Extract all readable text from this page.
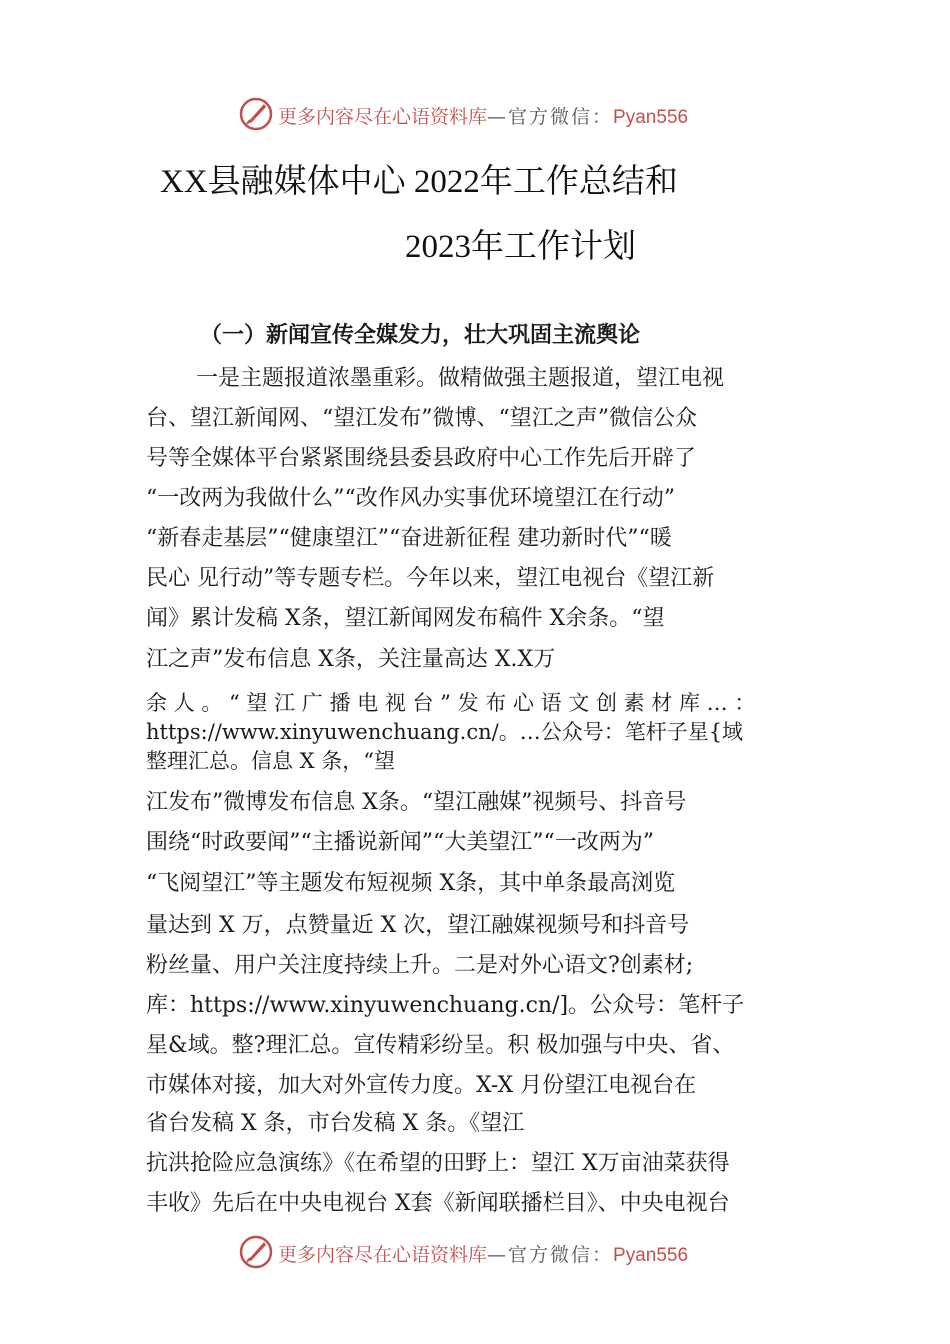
更多内容尽在心语资料库—官方微信：Pyan556
XX县融媒体中心 2022年工作总结和
2023年工作计划
（一）新闻宣传全媒发力，壮大巩固主流舆论
一是主题报道浓墨重彩。做精做强主题报道，望江电视
台、望江新闻网、“望江发布”微博、“望江之声”微信公众
号等全媒体平台紧紧围绕县委县政府中心工作先后开辟了
“一改两为我做什么”“改作风办实事优环境望江在行动”
“新春走基层”“健康望江”“奋进新征程 建功新时代”“暖
民心 见行动”等专题专栏。今年以来，望江电视台《望江新
闻》累计发稿 X条，望江新闻网发布稿件 X余条。“望
江之声”发布信息 X条，关注量高达 X.X万
余 人 。 “ 望 江 广 播 电 视 台 ” 发 布 心 语 文 创 素 材 库 … ：
https://www.xinyuwenchuang.cn/。…公众号：笔杆子星{域
整理汇总。信息 X 条，“望
江发布”微博发布信息 X条。“望江融媒”视频号、抖音号
围绕“时政要闻”“主播说新闻”“大美望江”“一改两为”
“飞阅望江”等主题发布短视频 X条，其中单条最高浏览
量达到 X 万，点赞量近 X 次，望江融媒视频号和抖音号
粉丝量、用户关注度持续上升。二是对外心语文?创素材;
库：https://www.xinyuwenchuang.cn/]。公众号：笔杆子
星&域。整?理汇总。宣传精彩纷呈。积 极加强与中央、省、
市媒体对接，加大对外宣传力度。X-X 月份望江电视台在
省台发稿 X 条，市台发稿 X 条。《望江
抗洪抢险应急演练》《在希望的田野上：望江 X万亩油菜获得
丰收》先后在中央电视台 X套《新闻联播栏目》、中央电视台
更多内容尽在心语资料库—官方微信：Pyan556
